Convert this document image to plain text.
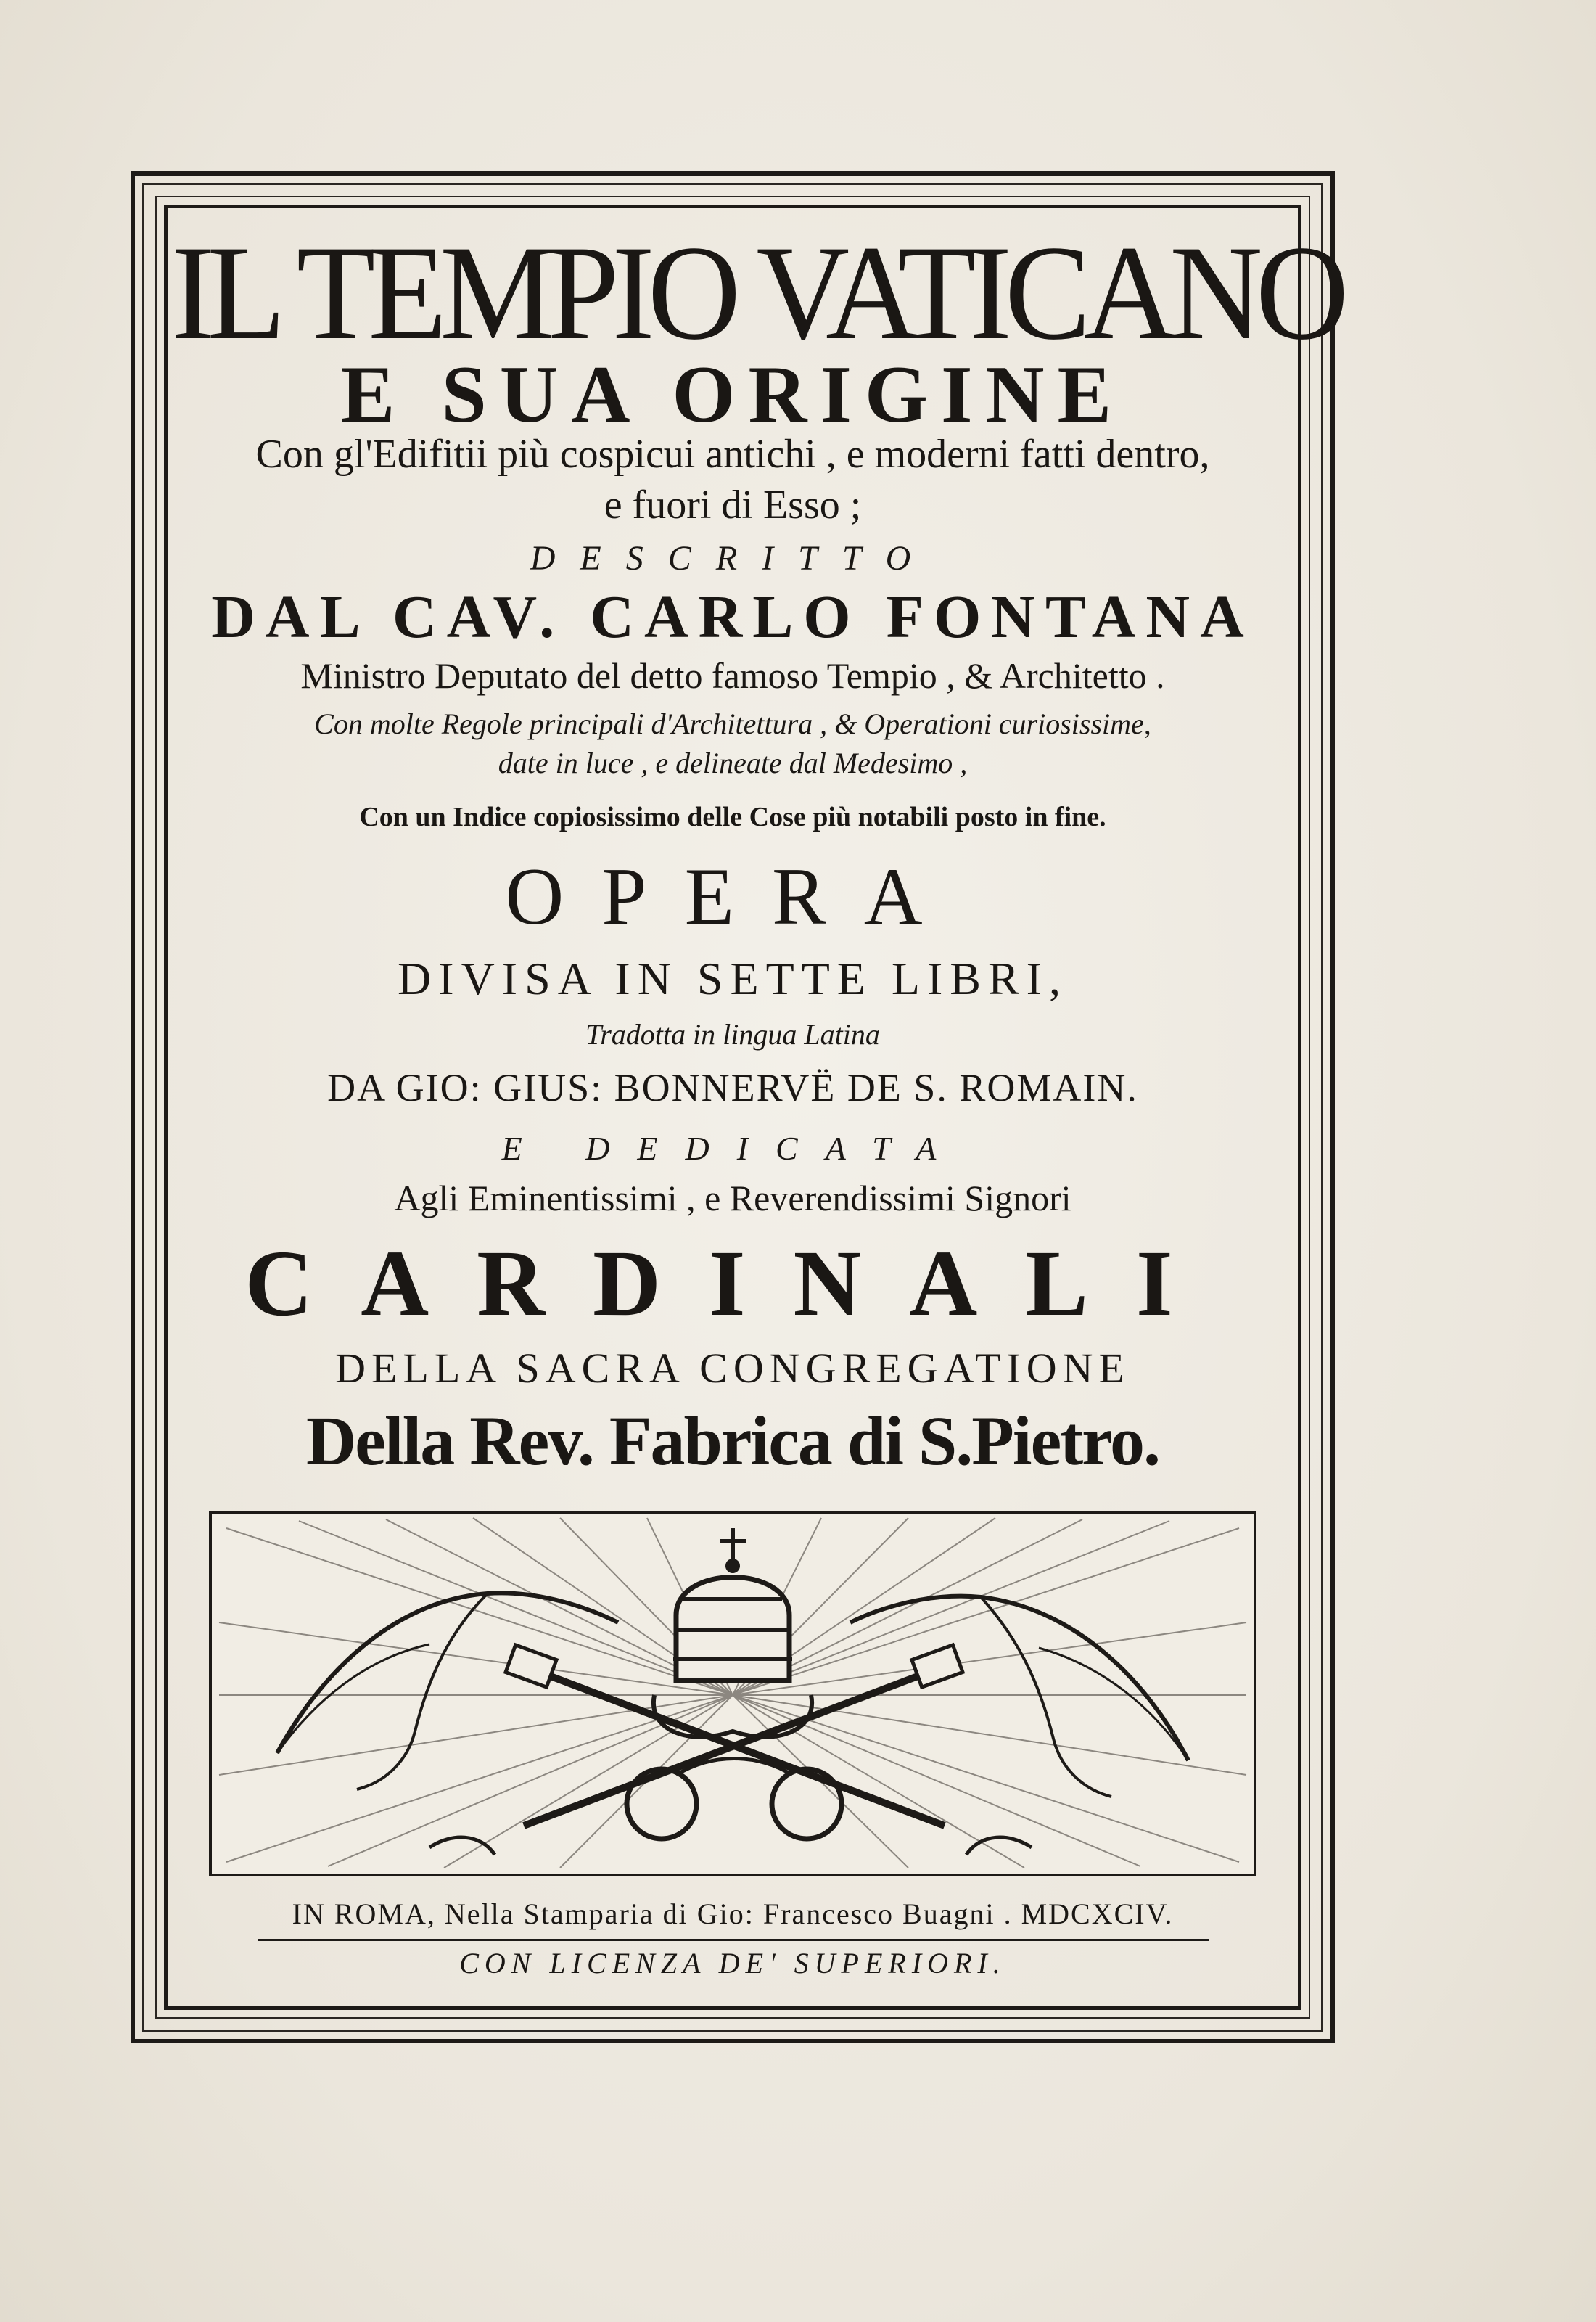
IL TEMPIO VATICANO
E SUA ORIGINE
Con gl'Edifitii più cospicui antichi , e moderni fatti dentro,
e fuori di Esso ;
DESCRITTO
DAL CAV. CARLO FONTANA
Ministro Deputato del detto famoso Tempio , & Architetto .
Con molte Regole principali d'Architettura , & Operationi curiosissime,
date in luce , e delineate dal Medesimo ,
Con un Indice copiosissimo delle Cose più notabili posto in fine.
OPERA
DIVISA IN SETTE LIBRI,
Tradotta in lingua Latina
DA GIO: GIUS: BONNERVË DE S. ROMAIN.
E DEDICATA
Agli Eminentissimi , e Reverendissimi Signori
CARDINALI
DELLA SACRA CONGREGATIONE
Della Rev. Fabrica di S.Pietro.
IN ROMA, Nella Stamparia di Gio: Francesco Buagni . MDCXCIV.
CON LICENZA DE' SUPERIORI.
